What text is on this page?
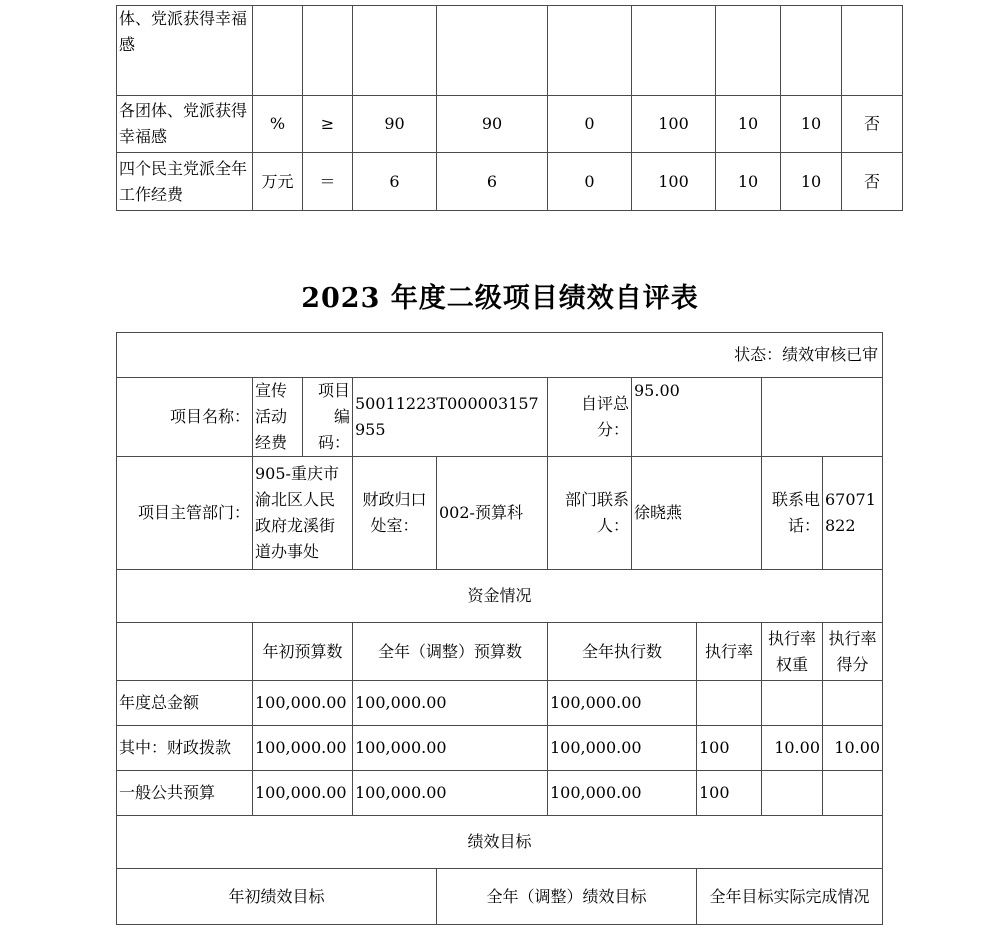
体、党派获得幸福感									
各团体、党派获得幸福感	%	≥	90	90	0	100	10	10	否
四个民主党派全年工作经费	万元	＝	6	6	0	100	10	10	否
2023 年度二级项目绩效自评表
状态：绩效审核已审									
项目名称：	宣传活动经费	项目编码：	50011223T000003157955		自评总分：	95.00			
项目主管部门：	905-重庆市渝北区人民政府龙溪街道办事处		财政归口处室：	002-预算科	部门联系人：	徐晓燕		联系电话：	67071822
资金情况									
	年初预算数		全年（调整）预算数		全年执行数		执行率	执行率权重	执行率得分
年度总金额	100,000.00		100,000.00		100,000.00				
其中：财政拨款	100,000.00		100,000.00		100,000.00		100	10.00	10.00
一般公共预算	100,000.00		100,000.00		100,000.00		100		
绩效目标									
年初绩效目标				全年（调整）绩效目标			全年目标实际完成情况		
